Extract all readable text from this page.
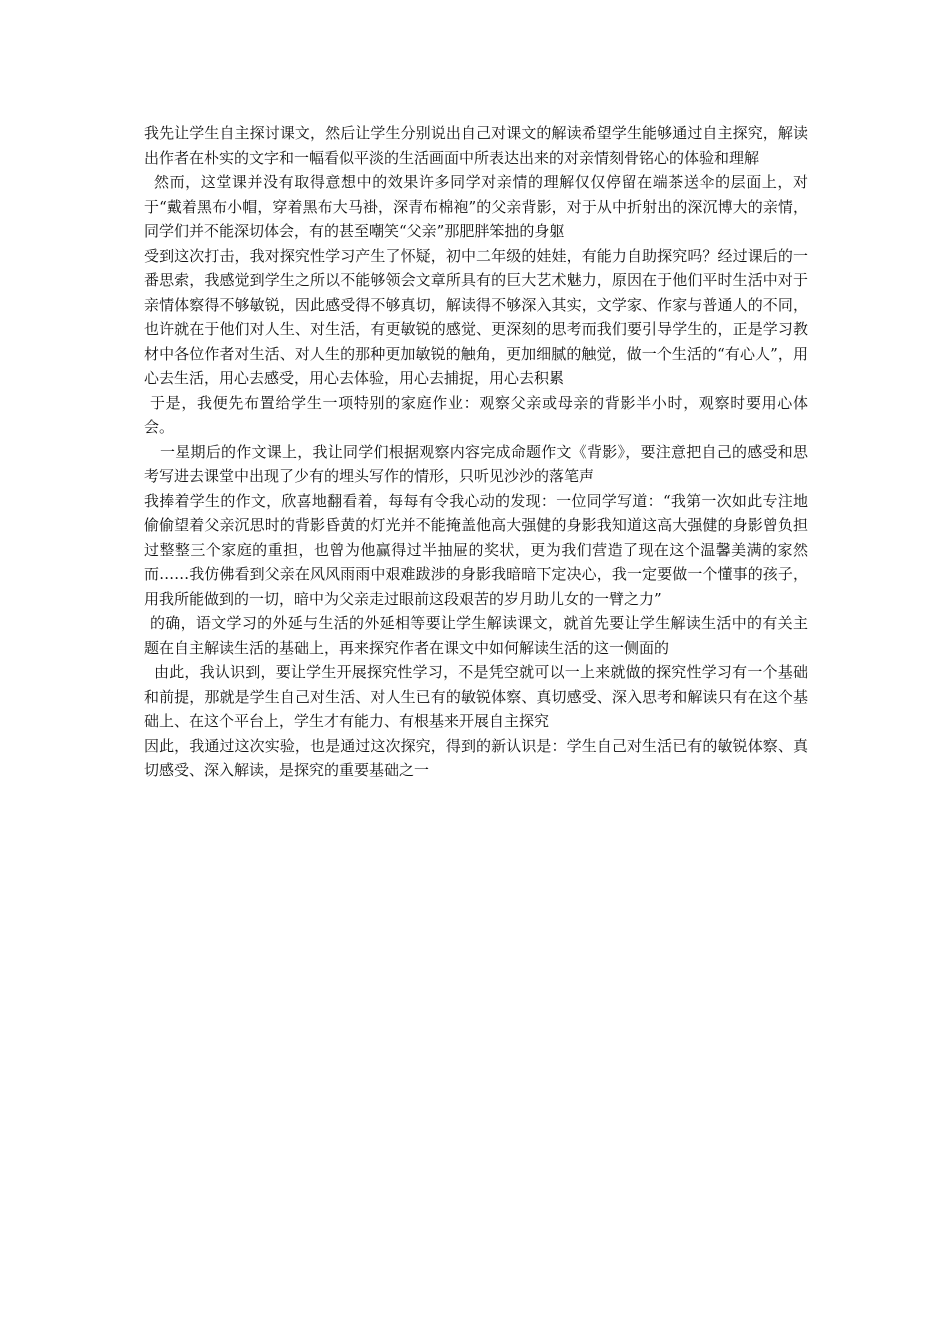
我先让学生自主探讨课文，然后让学生分别说出自己对课文的解读希望学生能够通过自主探究，解读出作者在朴实的文字和一幅看似平淡的生活画面中所表达出来的对亲情刻骨铭心的体验和理解

然而，这堂课并没有取得意想中的效果许多同学对亲情的理解仅仅停留在端茶送伞的层面上，对于“戴着黑布小帽，穿着黑布大马褂，深青布棉袍”的父亲背影，对于从中折射出的深沉博大的亲情，同学们并不能深切体会，有的甚至嘲笑“父亲”那肥胖笨拙的身躯

受到这次打击，我对探究性学习产生了怀疑，初中二年级的娃娃，有能力自助探究吗？经过课后的一番思索，我感觉到学生之所以不能够领会文章所具有的巨大艺术魅力，原因在于他们平时生活中对于亲情体察得不够敏锐，因此感受得不够真切，解读得不够深入其实，文学家、作家与普通人的不同，也许就在于他们对人生、对生活，有更敏锐的感觉、更深刻的思考而我们要引导学生的，正是学习教材中各位作者对生活、对人生的那种更加敏锐的触角，更加细腻的触觉，做一个生活的“有心人”，用心去生活，用心去感受，用心去体验，用心去捕捉，用心去积累

于是，我便先布置给学生一项特别的家庭作业：观察父亲或母亲的背影半小时，观察时要用心体会。

一星期后的作文课上，我让同学们根据观察内容完成命题作文《背影》，要注意把自己的感受和思考写进去课堂中出现了少有的埋头写作的情形，只听见沙沙的落笔声

我捧着学生的作文，欣喜地翻看着，每每有令我心动的发现：一位同学写道：“我第一次如此专注地偷偷望着父亲沉思时的背影昏黄的灯光并不能掩盖他高大强健的身影我知道这高大强健的身影曾负担过整整三个家庭的重担，也曾为他赢得过半抽屉的奖状，更为我们营造了现在这个温馨美满的家然而……我仿佛看到父亲在风风雨雨中艰难跋涉的身影我暗暗下定决心，我一定要做一个懂事的孩子，用我所能做到的一切，暗中为父亲走过眼前这段艰苦的岁月助儿女的一臂之力”

的确，语文学习的外延与生活的外延相等要让学生解读课文，就首先要让学生解读生活中的有关主题在自主解读生活的基础上，再来探究作者在课文中如何解读生活的这一侧面的

由此，我认识到，要让学生开展探究性学习，不是凭空就可以一上来就做的探究性学习有一个基础和前提，那就是学生自己对生活、对人生已有的敏锐体察、真切感受、深入思考和解读只有在这个基础上、在这个平台上，学生才有能力、有根基来开展自主探究

因此，我通过这次实验，也是通过这次探究，得到的新认识是：学生自己对生活已有的敏锐体察、真切感受、深入解读，是探究的重要基础之一
